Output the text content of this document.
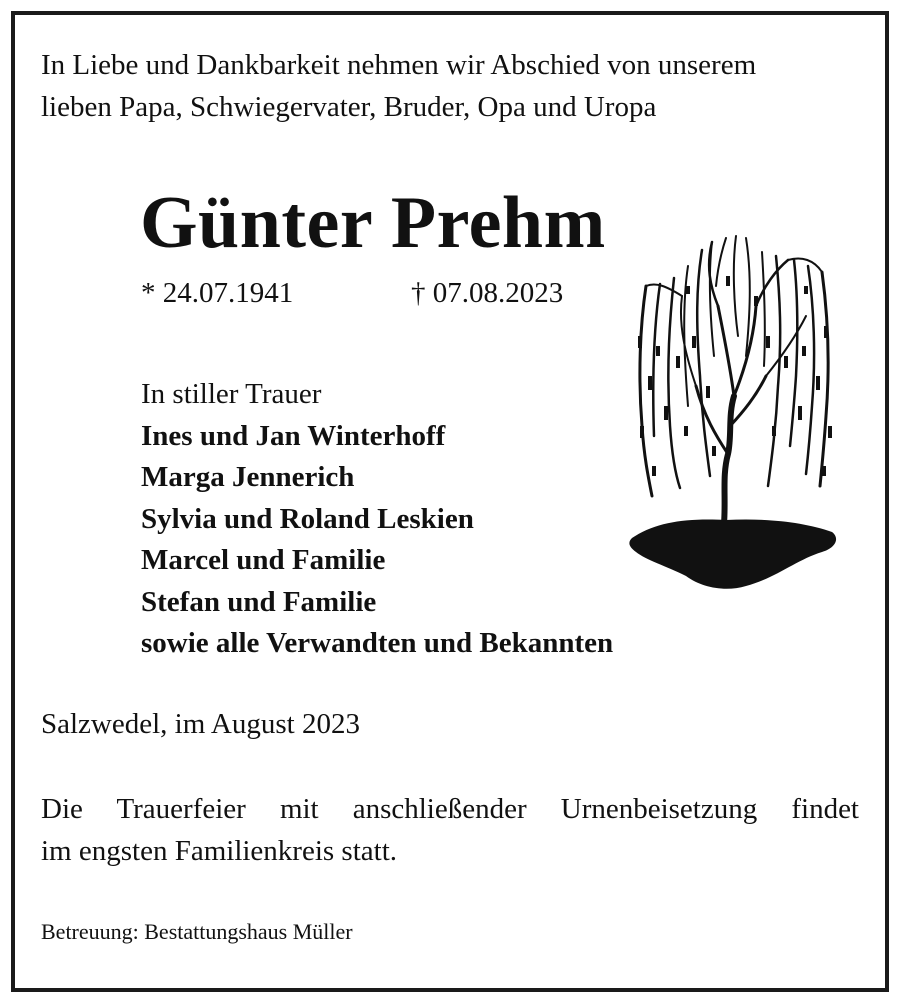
In Liebe und Dankbarkeit nehmen wir Abschied von unserem
lieben Papa, Schwiegervater, Bruder, Opa und Uropa
Günter Prehm
* 24.07.1941	† 07.08.2023
In stiller Trauer
Ines und Jan Winterhoff
Marga Jennerich
Sylvia und Roland Leskien
Marcel und Familie
Stefan und Familie
sowie alle Verwandten und Bekannten
Salzwedel, im August 2023
Die Trauerfeier mit anschließender Urnenbeisetzung findet
im engsten Familienkreis statt.
Betreuung: Bestattungshaus Müller
